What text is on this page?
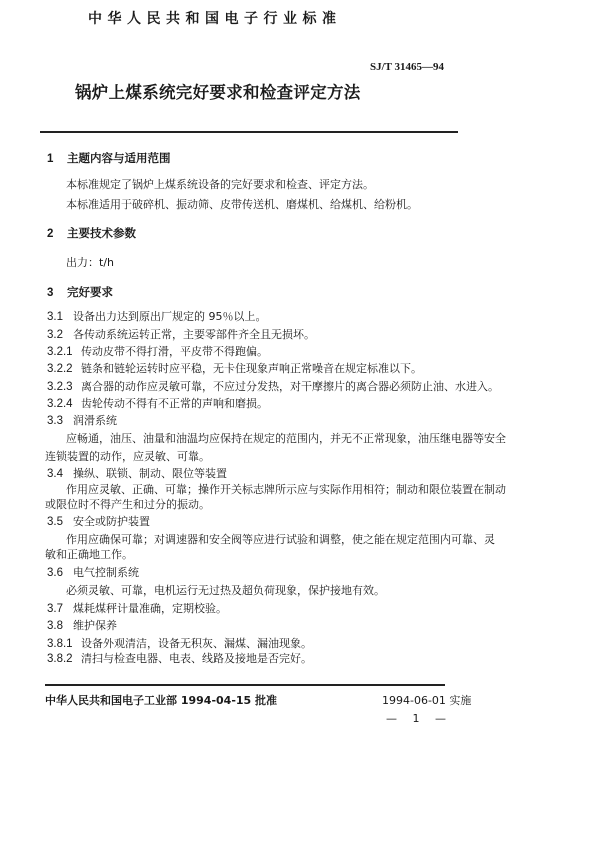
中华人民共和国电子行业标准
SJ/T 31465—94
锅炉上煤系统完好要求和检查评定方法
1 主题内容与适用范围
本标准规定了锅炉上煤系统设备的完好要求和检查、评定方法。
本标准适用于破碎机、振动筛、皮带传送机、磨煤机、给煤机、给粉机。
2 主要技术参数
出力：t/h
3 完好要求
3.1 设备出力达到原出厂规定的 95％以上。
3.2 各传动系统运转正常，主要零部件齐全且无损坏。
3.2.1 传动皮带不得打滑，平皮带不得跑偏。
3.2.2 链条和链轮运转时应平稳，无卡住现象声响正常噪音在规定标准以下。
3.2.3 离合器的动作应灵敏可靠，不应过分发热，对干摩擦片的离合器必须防止油、水进入。
3.2.4 齿轮传动不得有不正常的声响和磨损。
3.3 润滑系统
应畅通，油压、油量和油温均应保持在规定的范围内，并无不正常现象，油压继电器等安全
连锁装置的动作，应灵敏、可靠。
3.4 操纵、联锁、制动、限位等装置
作用应灵敏、正确、可靠；操作开关标志牌所示应与实际作用相符；制动和限位装置在制动
或限位时不得产生和过分的振动。
3.5 安全或防护装置
作用应确保可靠；对调速器和安全阀等应进行试验和调整，使之能在规定范围内可靠、灵
敏和正确地工作。
3.6 电气控制系统
必须灵敏、可靠，电机运行无过热及超负荷现象，保护接地有效。
3.7 煤耗煤秤计量准确，定期校验。
3.8 维护保养
3.8.1 设备外观清洁，设备无积灰、漏煤、漏油现象。
3.8.2 清扫与检查电器、电表、线路及接地是否完好。
中华人民共和国电子工业部 1994-04-15 批准	1994-06-01 实施
— 1 —
